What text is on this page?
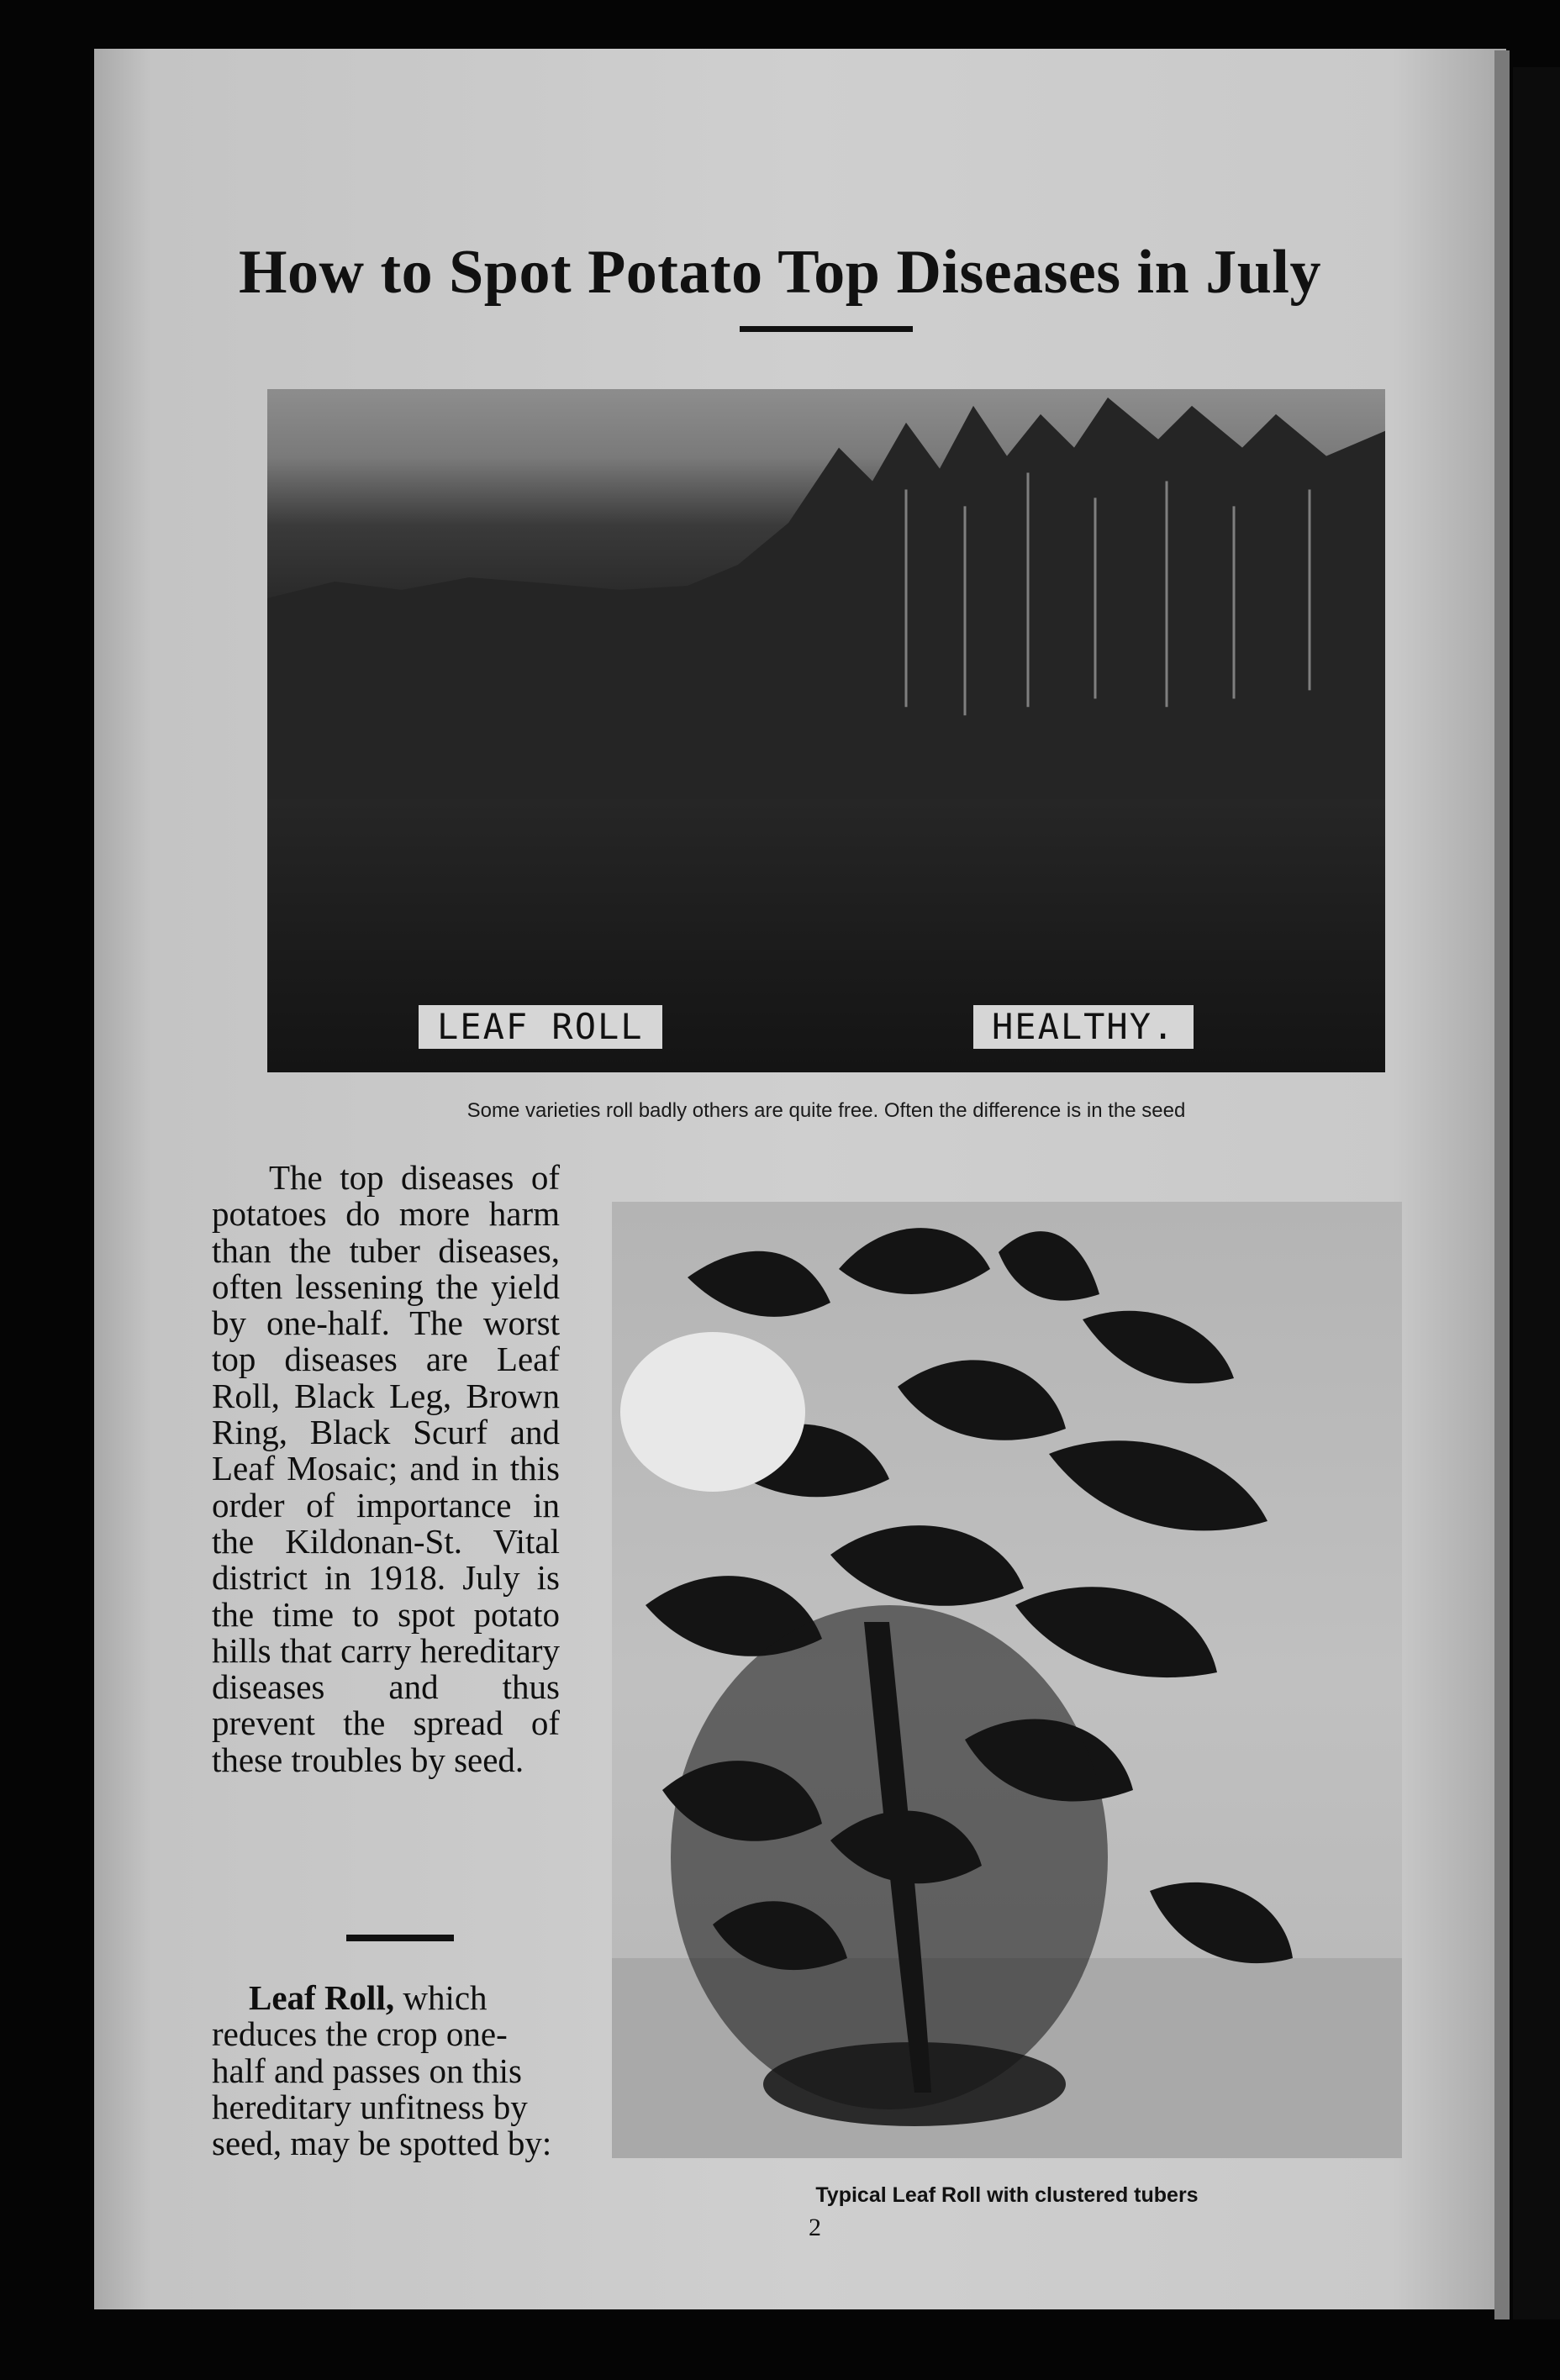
How to Spot Potato Top Diseases in July
LEAF ROLL	HEALTHY.
Some varieties roll badly others are quite free. Often the difference is in the seed

The top diseases of potatoes do more harm than the tuber diseases, often lessening the yield by one-half. The worst top diseases are Leaf Roll, Black Leg, Brown Ring, Black Scurf and Leaf Mosaic; and in this order of importance in the Kildonan-St. Vital district in 1918. July is the time to spot potato hills that carry hereditary diseases and thus prevent the spread of these troubles by seed.

Leaf Roll, which reduces the crop one-half and passes on this hereditary unfitness by seed, may be spotted by:
Typical Leaf Roll with clustered tubers
2
